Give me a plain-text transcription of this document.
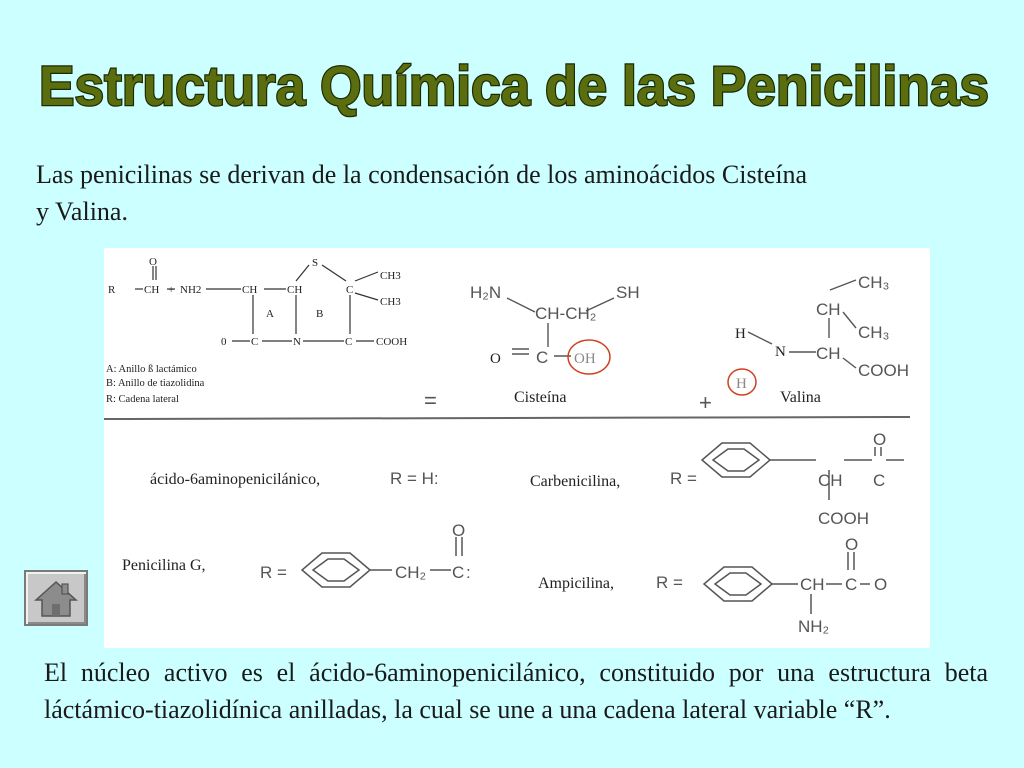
Estructura Química de las Penicilinas
Las penicilinas se derivan de la condensación de los aminoácidos Cisteína y Valina.
R	CH + NH2	CH	CH
S
C
CH3
CH3
O
0 C	N	C COOH
A	B
A: Anillo ß lactámico
B: Anillo de tiazolidina
R: Cadena lateral
H₂N
CH-CH₂
SH
O C OH
Cisteína
H
N
H
CH₃
CH
CH₃
CH
COOH
Valina
=	+
ácido-6aminopenicilánico,	R = H:	Carbenicilina,	R =	CH C
O
COOH
Penicilina G,	R =	CH₂ C
O
:
Ampicilina, R =	CH C
O
O
NH₂
El núcleo activo es el ácido-6aminopenicilánico, constituido por una estructura beta láctámico-tiazolidínica anilladas, la cual se une a una cadena lateral variable “R”.
